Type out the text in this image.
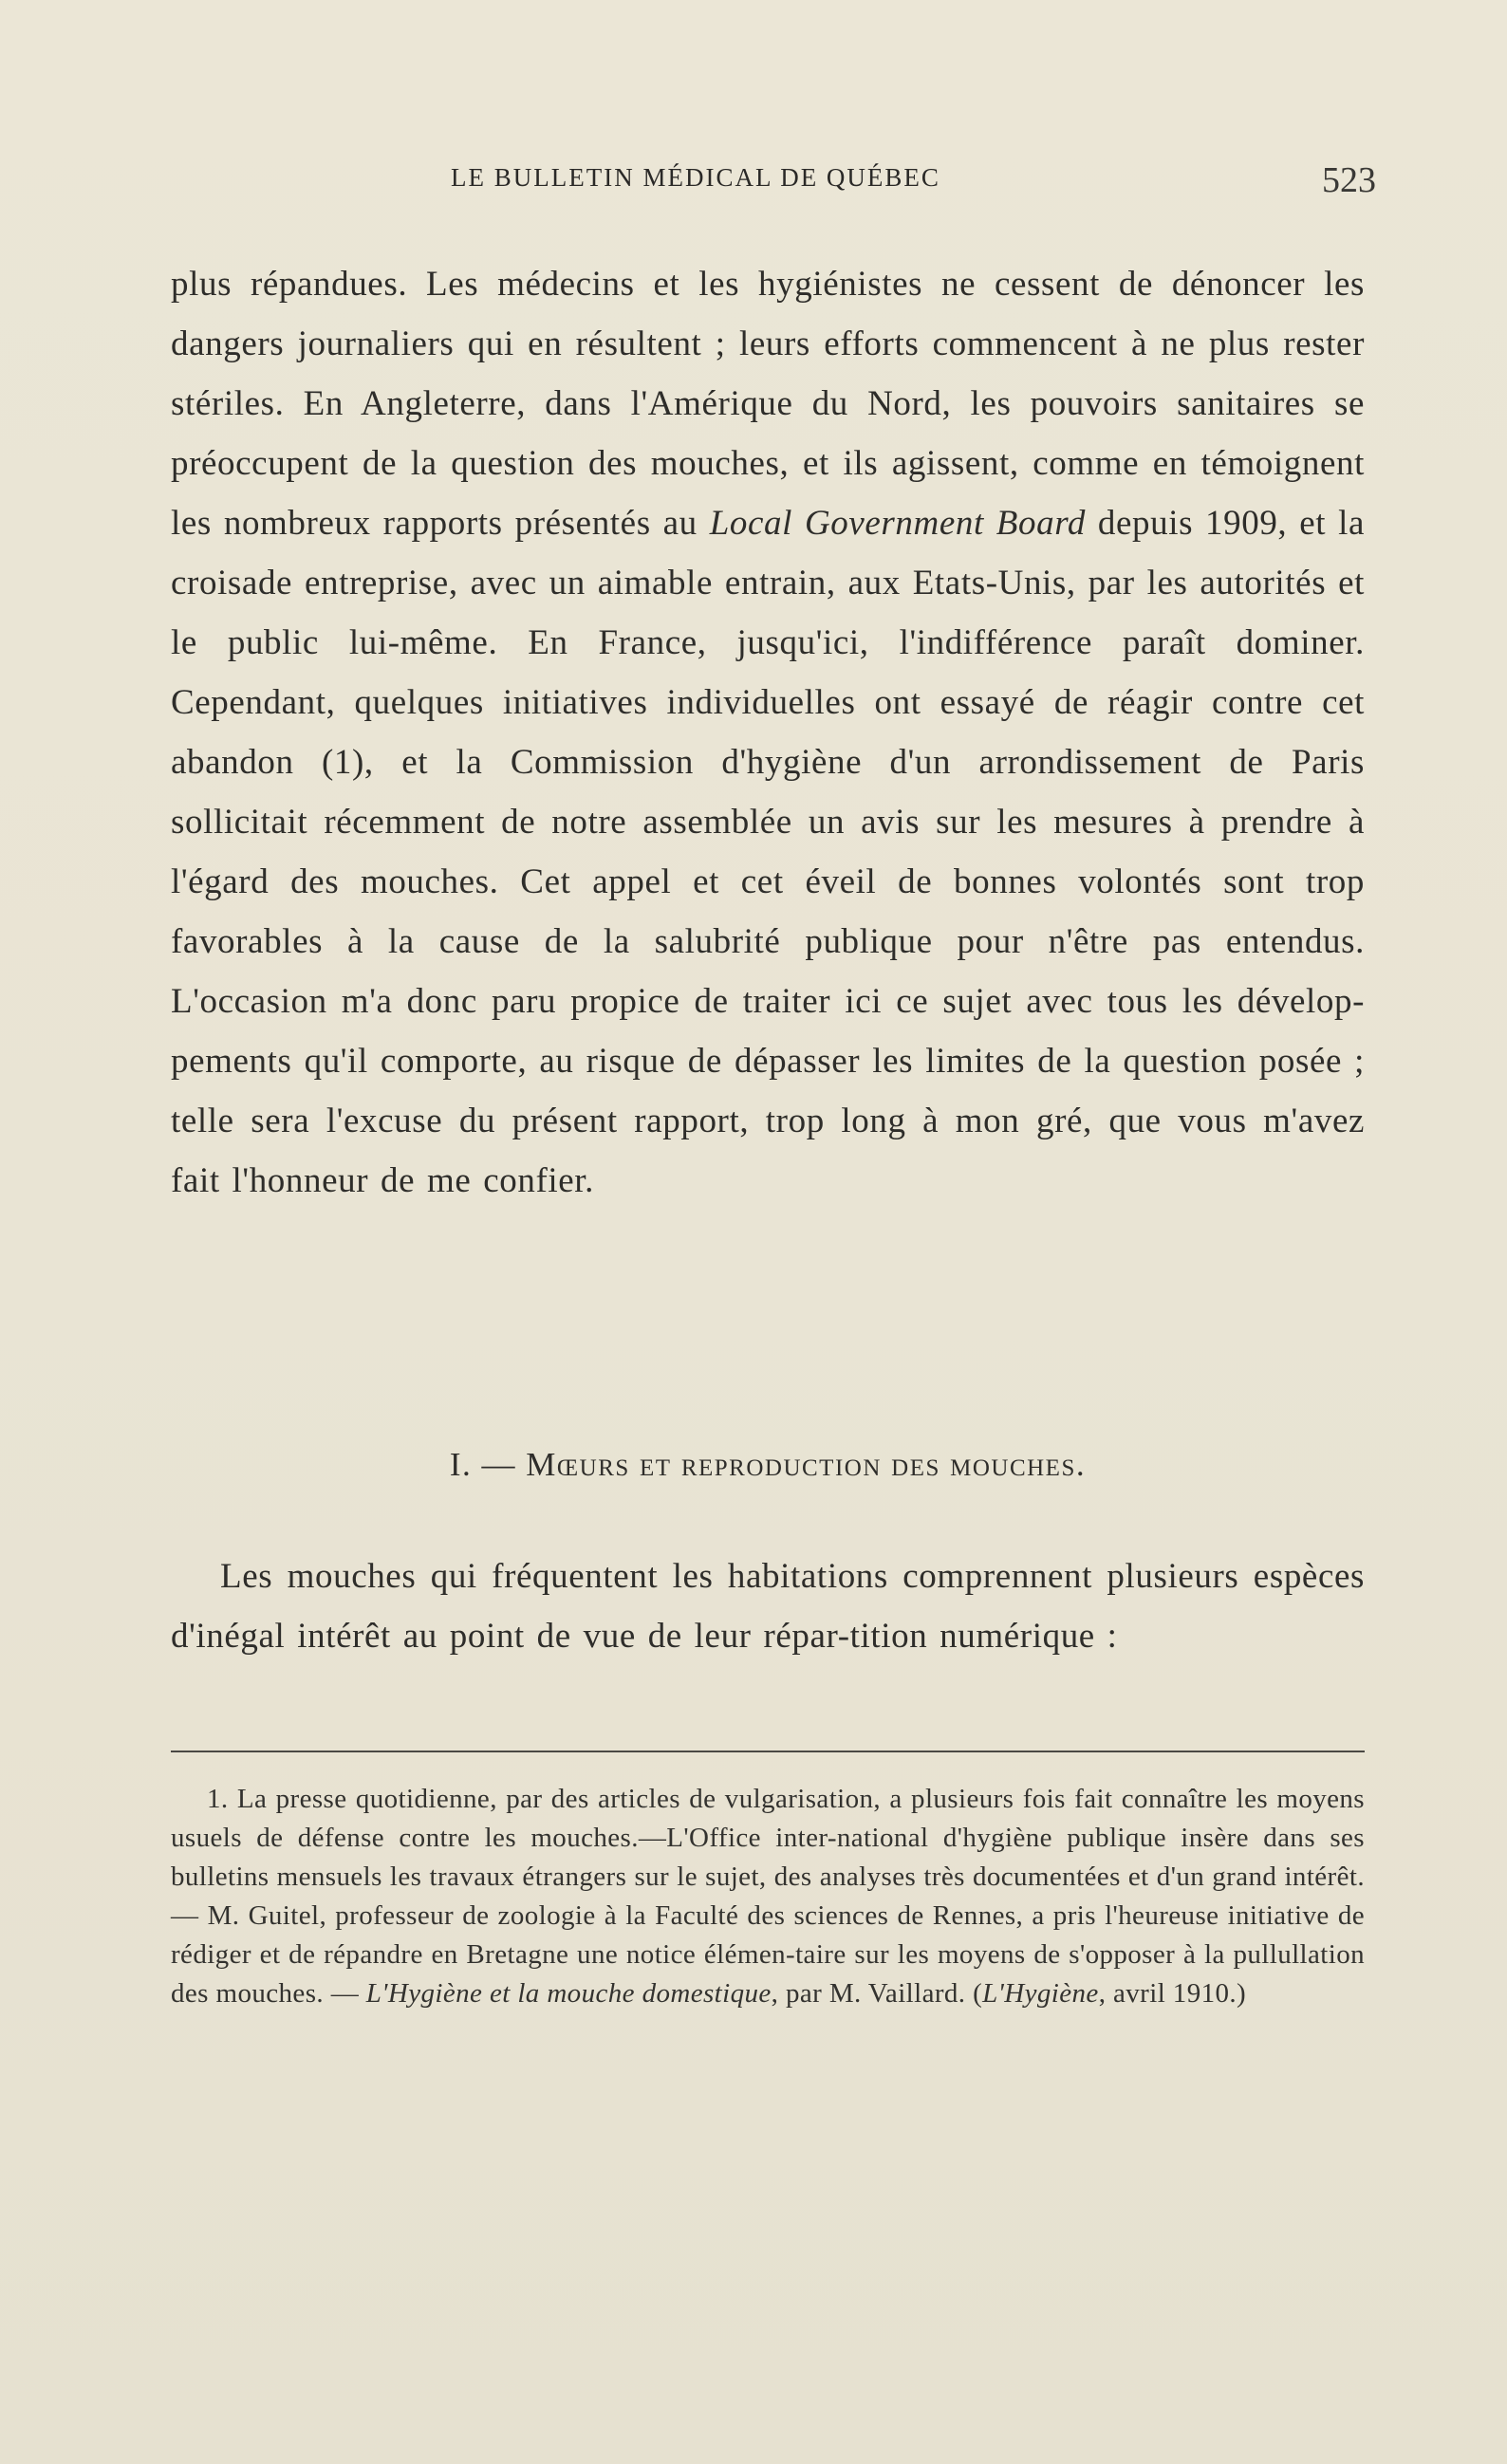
LE BULLETIN MÉDICAL DE QUÉBEC	523

plus répandues. Les médecins et les hygiénistes ne cessent de dénoncer les dangers journaliers qui en résultent ; leurs efforts commencent à ne plus rester stériles. En Angleterre, dans l'Amérique du Nord, les pouvoirs sanitaires se préoccupent de la question des mouches, et ils agissent, comme en témoignent les nombreux rapports présentés au Local Government Board depuis 1909, et la croisade entreprise, avec un aimable entrain, aux Etats-Unis, par les autorités et le public lui-même. En France, jusqu'ici, l'indifférence paraît dominer. Cependant, quelques initiatives individuelles ont essayé de réagir contre cet abandon (1), et la Commission d'hygiène d'un arrondissement de Paris sollicitait récemment de notre assemblée un avis sur les mesures à prendre à l'égard des mouches. Cet appel et cet éveil de bonnes volontés sont trop favorables à la cause de la salubrité publique pour n'être pas entendus. L'occasion m'a donc paru propice de traiter ici ce sujet avec tous les dévelop-pements qu'il comporte, au risque de dépasser les limites de la question posée ; telle sera l'excuse du présent rapport, trop long à mon gré, que vous m'avez fait l'honneur de me confier.

I. — Mœurs et reproduction des mouches.

Les mouches qui fréquentent les habitations comprennent plusieurs espèces d'inégal intérêt au point de vue de leur répar-tition numérique :

1. La presse quotidienne, par des articles de vulgarisation, a plusieurs fois fait connaître les moyens usuels de défense contre les mouches.—L'Office inter-national d'hygiène publique insère dans ses bulletins mensuels les travaux étrangers sur le sujet, des analyses très documentées et d'un grand intérêt.— M. Guitel, professeur de zoologie à la Faculté des sciences de Rennes, a pris l'heureuse initiative de rédiger et de répandre en Bretagne une notice élémen-taire sur les moyens de s'opposer à la pullullation des mouches. — L'Hygiène et la mouche domestique, par M. Vaillard. (L'Hygiène, avril 1910.)
